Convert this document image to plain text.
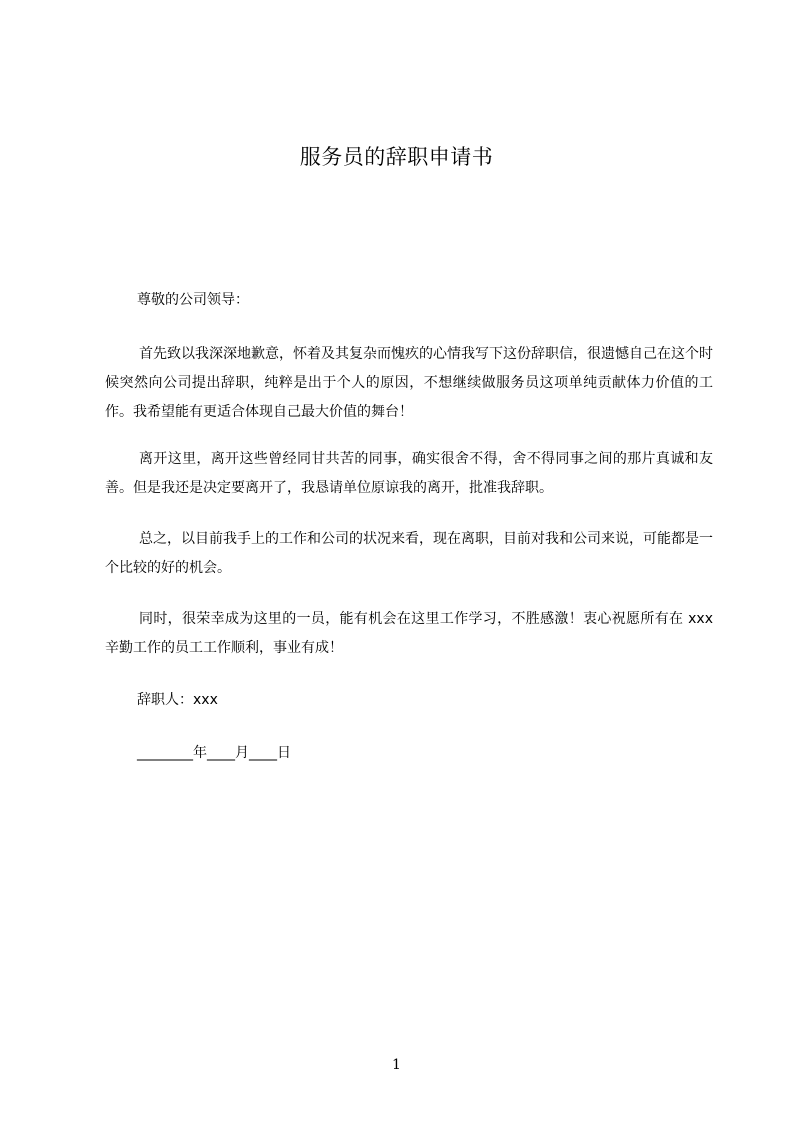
服务员的辞职申请书
尊敬的公司领导：

首先致以我深深地歉意，怀着及其复杂而愧疚的心情我写下这份辞职信，很遗憾自己在这个时候突然向公司提出辞职，纯粹是出于个人的原因，不想继续做服务员这项单纯贡献体力价值的工作。我希望能有更适合体现自己最大价值的舞台！

离开这里，离开这些曾经同甘共苦的同事，确实很舍不得，舍不得同事之间的那片真诚和友善。但是我还是决定要离开了，我恳请单位原谅我的离开，批准我辞职。

总之，以目前我手上的工作和公司的状况来看，现在离职，目前对我和公司来说，可能都是一个比较的好的机会。

同时，很荣幸成为这里的一员，能有机会在这里工作学习，不胜感激！衷心祝愿所有在 xxx 辛勤工作的员工工作顺利，事业有成！

辞职人：xxx
________年____月____日
1
